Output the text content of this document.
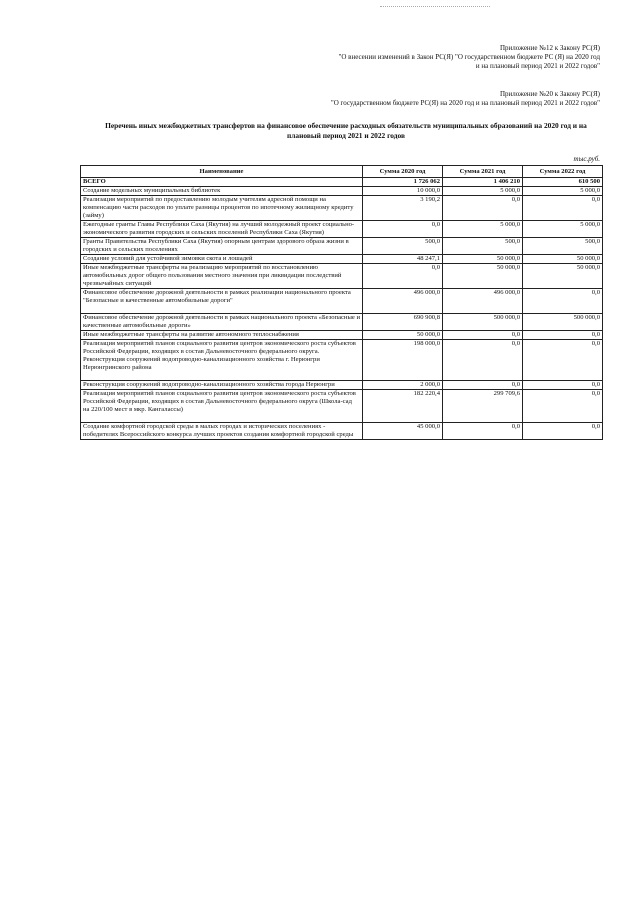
Приложение №12 к Закону РС(Я)
"О внесении изменений в Закон РС(Я) "О государственном бюджете РС (Я) на 2020 год
и на плановый период 2021 и 2022 годов"
Приложение №20 к Закону РС(Я)
"О государственном бюджете РС(Я) на 2020 год и на плановый период 2021 и 2022 годов"
Перечень иных межбюджетных трансфертов на финансовое обеспечение расходных обязательств муниципальных образований на 2020 год и на
плановый период 2021 и 2022 годов
тыс.руб.
Наименование	Сумма 2020 год	Сумма 2021 год	Сумма 2022 год
ВСЕГО	1 726 062	1 406 210	610 500
Создание модельных муниципальных библиотек	10 000,0	5 000,0	5 000,0
Реализация мероприятий по предоставлению молодым учителям адресной помощи на компенсацию части расходов по уплате разницы процентов по ипотечному жилищному кредиту (займу)	3 190,2	0,0	0,0
Ежегодные гранты Главы Республики Саха (Якутия) на лучший молодежный проект социально-экономического развития городских и сельских поселений Республики Саха (Якутия)	0,0	5 000,0	5 000,0
Гранты Правительства Республики Саха (Якутия) опорным центрам здорового образа жизни в городских и сельских поселениях	500,0	500,0	500,0
Создание условий для устойчивой зимовки скота и лошадей	48 247,1	50 000,0	50 000,0
Иные межбюджетные трансферты на реализацию мероприятий по восстановлению автомобильных дорог общего пользования местного значения при ликвидации последствий чрезвычайных ситуаций	0,0	50 000,0	50 000,0
Финансовое обеспечение дорожной деятельности в рамках реализации национального проекта "Безопасные и качественные автомобильные дороги"	496 000,0	496 000,0	0,0
Финансовое обеспечение дорожной деятельности в рамках национального проекта «Безопасные и качественные автомобильные дороги»	690 900,8	500 000,0	500 000,0
Иные межбюджетные трансферты на развитие автономного теплоснабжения	50 000,0	0,0	0,0
Реализация мероприятий планов социального развития центров экономического роста субъектов Российской Федерации, входящих в состав Дальневосточного федерального округа. Реконструкция сооружений водопроводно-канализационного хозяйства г. Нерюнгри Нерюнгринского района	198 000,0	0,0	0,0
Реконструкция сооружений водопроводно-канализационного хозяйства города Нерюнгри	2 000,0	0,0	0,0
Реализация мероприятий планов социального развития центров экономического роста субъектов Российской Федерации, входящих в состав Дальневосточного федерального округа (Школа-сад на 220/100 мест в мкр. Кангалассы)	182 220,4	299 709,6	0,0
Создание комфортной городской среды в малых городах и исторических поселениях - победителях Всероссийского конкурса лучших проектов создания комфортной городской среды	45 000,0	0,0	0,0
